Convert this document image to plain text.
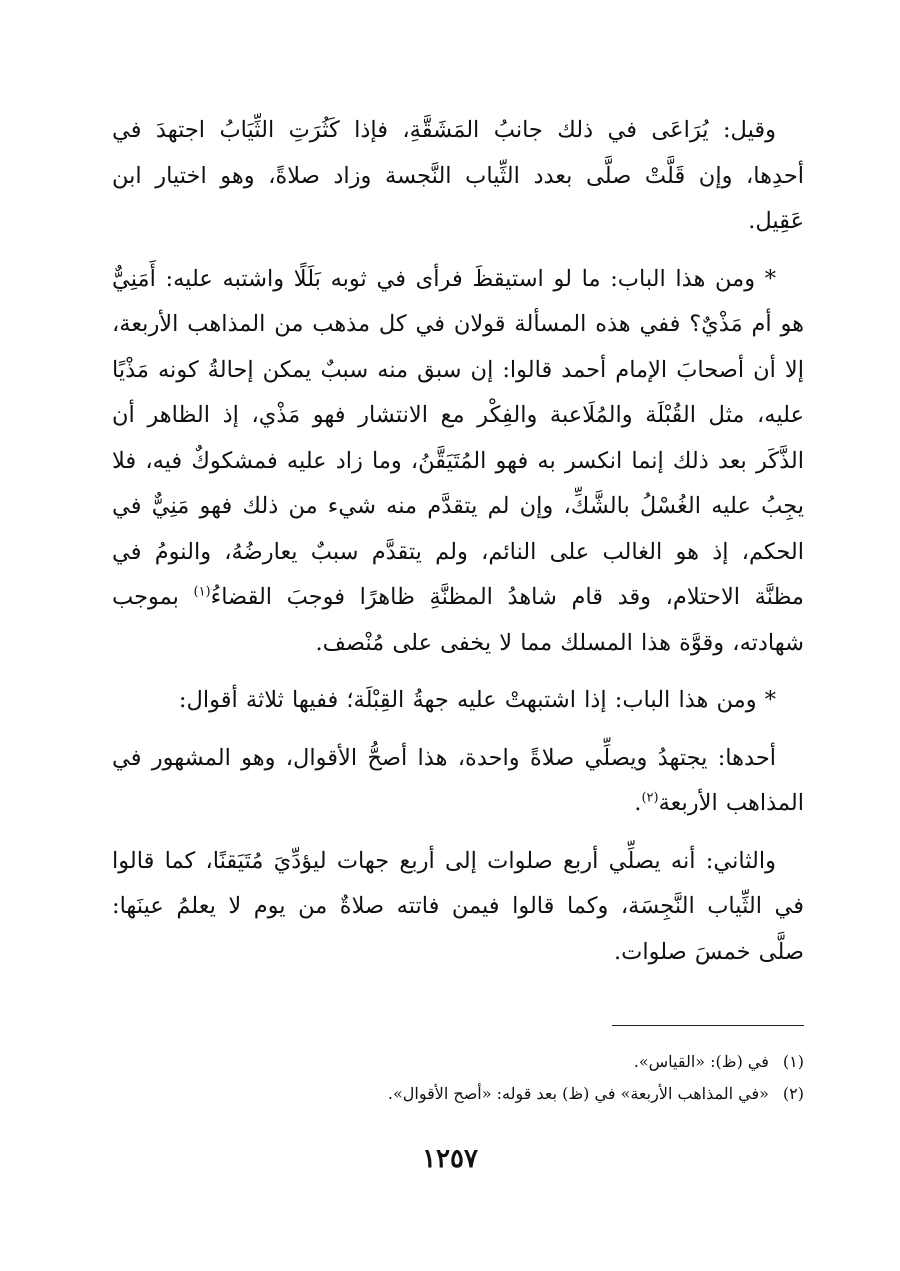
وقيل: يُرَاعَى في ذلك جانبُ المَشَقَّةِ، فإذا كَثُرَتِ الثِّيَابُ اجتهدَ في أحدِها، وإن قَلَّتْ صلَّى بعدد الثِّياب النَّجسة وزاد صلاةً، وهو اختيار ابن عَقِيل.

* ومن هذا الباب: ما لو استيقظَ فرأى في ثوبه بَلَلًا واشتبه عليه: أَمَنِيٌّ هو أم مَذْيٌ؟ ففي هذه المسألة قولان في كل مذهب من المذاهب الأربعة، إلا أن أصحابَ الإمام أحمد قالوا: إن سبق منه سببٌ يمكن إحالةُ كونه مَذْيًا عليه، مثل القُبْلَة والمُلَاعبة والفِكْر مع الانتشار فهو مَذْي، إذ الظاهر أن الذَّكَر بعد ذلك إنما انكسر به فهو المُتَيَقَّنُ، وما زاد عليه فمشكوكٌ فيه، فلا يجِبُ عليه الغُسْلُ بالشَّكِّ، وإن لم يتقدَّم منه شيء من ذلك فهو مَنِيٌّ في الحكم، إذ هو الغالب على النائم، ولم يتقدَّم سببٌ يعارضُهُ، والنومُ في مظنَّة الاحتلام، وقد قام شاهدُ المظنَّةِ ظاهرًا فوجبَ القضاءُ$^{(١)}$ بموجب شهادته، وقوَّة هذا المسلك مما لا يخفى على مُنْصف.

* ومن هذا الباب: إذا اشتبهتْ عليه جهةُ القِبْلَة؛ ففيها ثلاثة أقوال:

أحدها: يجتهدُ ويصلِّي صلاةً واحدة، هذا أصحُّ الأقوال، وهو المشهور في المذاهب الأربعة$^{(٢)}$.

والثاني: أنه يصلِّي أربع صلوات إلى أربع جهات ليؤدِّيَ مُتَيَقنًا، كما قالوا في الثِّياب النَّجِسَة، وكما قالوا فيمن فاتته صلاةٌ من يوم لا يعلمُ عينَها: صلَّى خمسَ صلوات.

(١)
في (ظ): «القياس».

(٢)
«في المذاهب الأربعة» في (ظ) بعد قوله: «أصح الأقوال».

١٢٥٧
